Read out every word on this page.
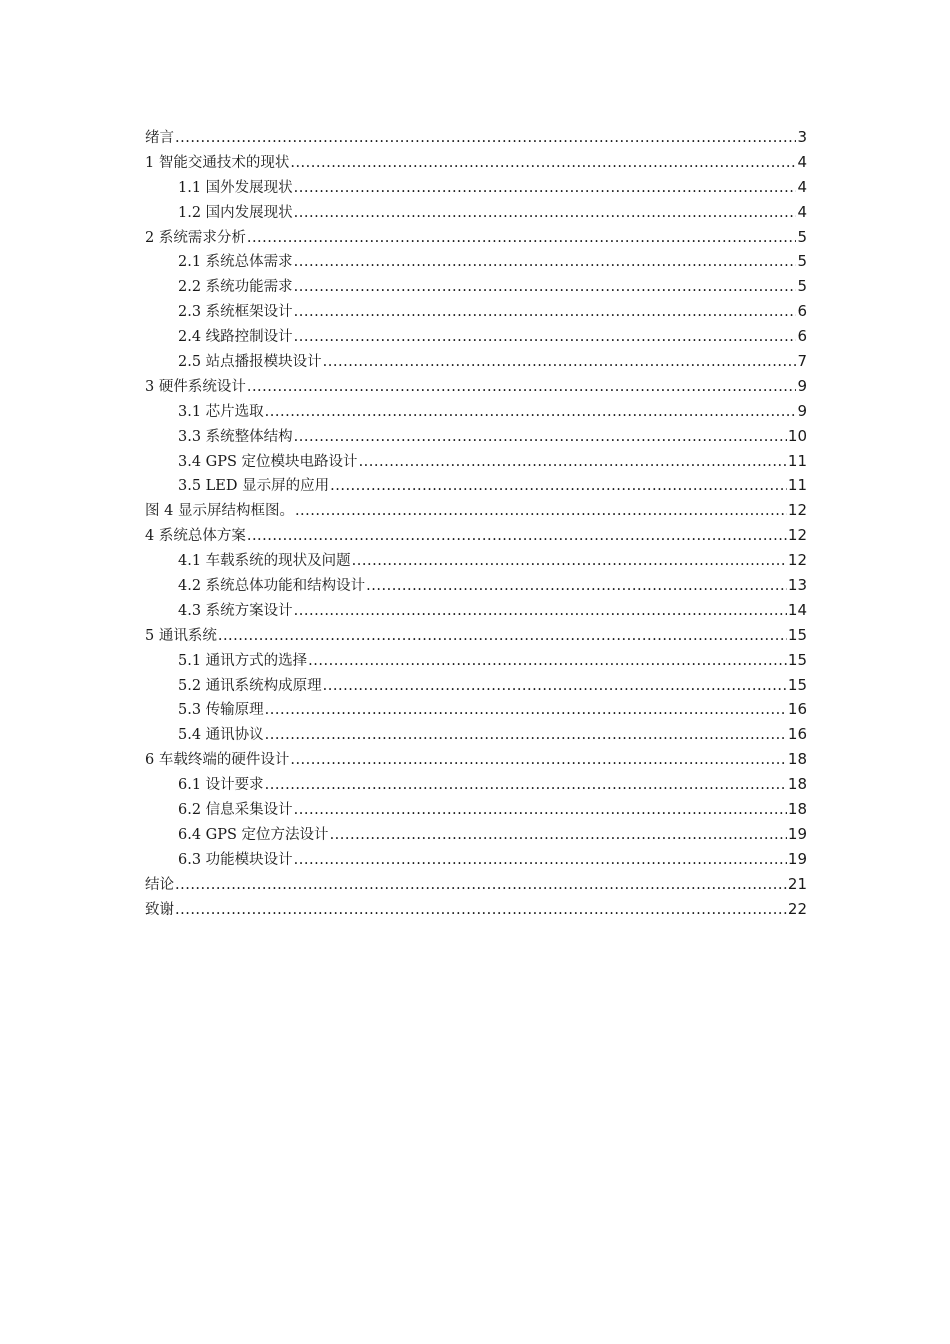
绪言 .....	3
1 智能交通技术的现状 .....	4
1.1 国外发展现状 .....	4
1.2 国内发展现状 .....	4
2 系统需求分析 .....	5
2.1 系统总体需求 .....	5
2.2 系统功能需求 .....	5
2.3 系统框架设计 .....	6
2.4 线路控制设计 .....	6
2.5 站点播报模块设计 .....	7
3 硬件系统设计 .....	9
3.1 芯片选取 .....	9
3.3 系统整体结构 .....	10
3.4 GPS 定位模块电路设计 .....	11
3.5 LED 显示屏的应用 .....	11
图 4 显示屏结构框图。 .....	12
4 系统总体方案 .....	12
4.1 车载系统的现状及问题 .....	12
4.2 系统总体功能和结构设计 .....	13
4.3 系统方案设计 .....	14
5 通讯系统 .....	15
5.1 通讯方式的选择 .....	15
5.2 通讯系统构成原理 .....	15
5.3 传输原理 .....	16
5.4 通讯协议 .....	16
6 车载终端的硬件设计 .....	18
6.1 设计要求 .....	18
6.2 信息采集设计 .....	18
6.4 GPS 定位方法设计 .....	19
6.3 功能模块设计 .....	19
结论 .....	21
致谢 .....	22
